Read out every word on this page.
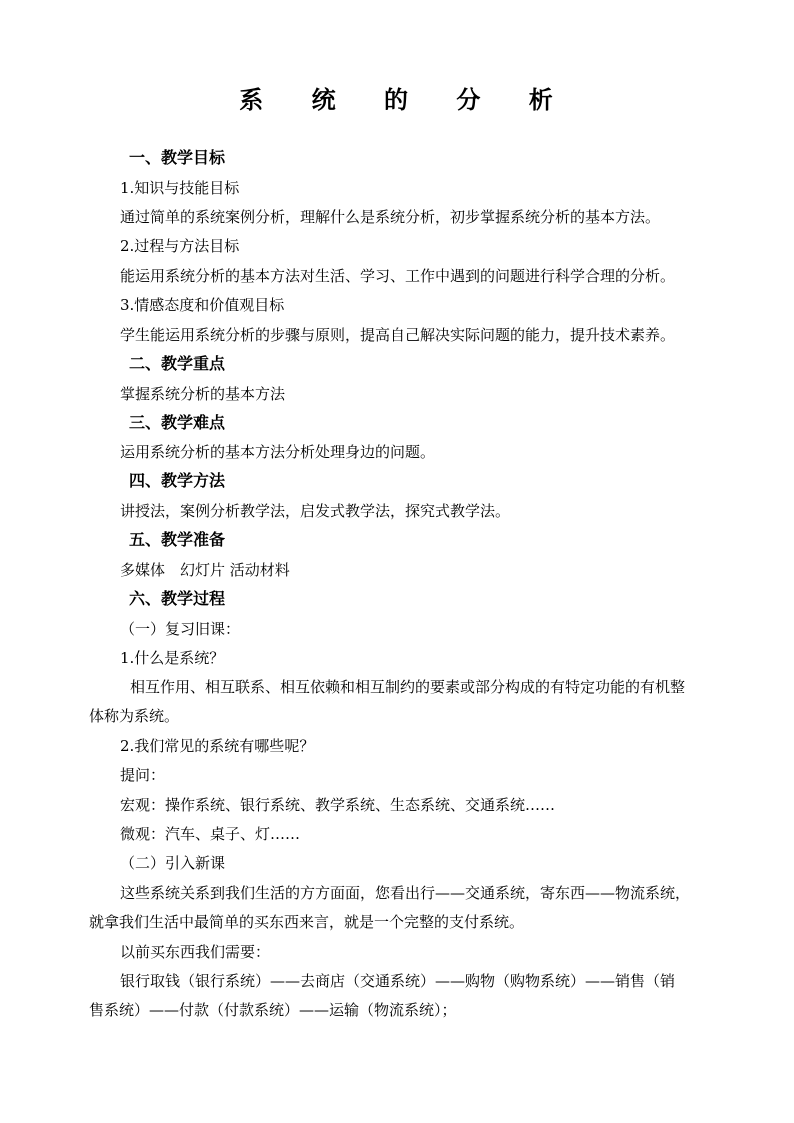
系 统 的 分 析
一、教学目标
1.知识与技能目标
通过简单的系统案例分析，理解什么是系统分析，初步掌握系统分析的基本方法。
2.过程与方法目标
能运用系统分析的基本方法对生活、学习、工作中遇到的问题进行科学合理的分析。
3.情感态度和价值观目标
学生能运用系统分析的步骤与原则，提高自己解决实际问题的能力，提升技术素养。
二、教学重点
掌握系统分析的基本方法
三、教学难点
运用系统分析的基本方法分析处理身边的问题。
四、教学方法
讲授法，案例分析教学法，启发式教学法，探究式教学法。
五、教学准备
多媒体　幻灯片 活动材料
六、教学过程
（一）复习旧课：
1.什么是系统？
相互作用、相互联系、相互依赖和相互制约的要素或部分构成的有特定功能的有机整
体称为系统。
2.我们常见的系统有哪些呢？
提问：
宏观：操作系统、银行系统、教学系统、生态系统、交通系统……
微观：汽车、桌子、灯……
（二）引入新课
这些系统关系到我们生活的方方面面，您看出行——交通系统，寄东西——物流系统，
就拿我们生活中最简单的买东西来言，就是一个完整的支付系统。
以前买东西我们需要：
银行取钱（银行系统）——去商店（交通系统）——购物（购物系统）——销售（销
售系统）——付款（付款系统）——运输（物流系统）；
